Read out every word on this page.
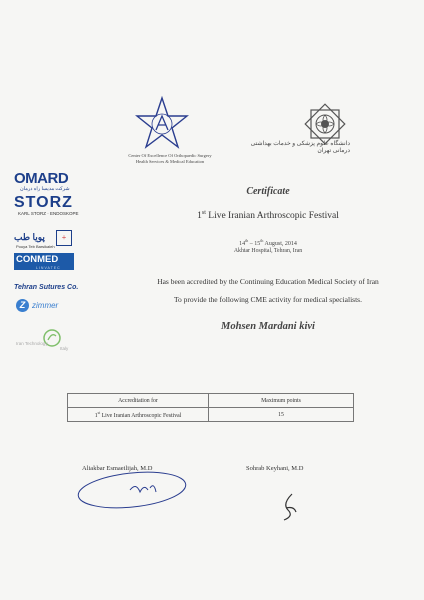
Center Of Excellence Of Orthopaedic Surgery
Health Services & Medical Education
دانشگاه علوم پزشکی و خدمات بهداشتی درمانی تهران
OMARD
شرکت مدیسا راه درمان
STORZ
KARL STORZ · ENDOSKOPE
پویا طب	+
Pouya Teb Barsikaleh
CONMED
LINVATEC
Tehran Sutures Co.
Z zimmer
Iran Technology
Italy
Certificate
1st Live Iranian Arthroscopic Festival
14th – 15th August, 2014
Akhtar Hospital, Tehran, Iran
Has been accredited by the Continuing Education Medical Society of Iran
To provide the following CME activity for medical specialists.
Mohsen Mardani kivi
Accreditation for	Maximum points
1st Live Iranian Arthroscopic Festival	15
Aliakbar Esmaeilijah, M.D	Sohrab Keyhani, M.D
